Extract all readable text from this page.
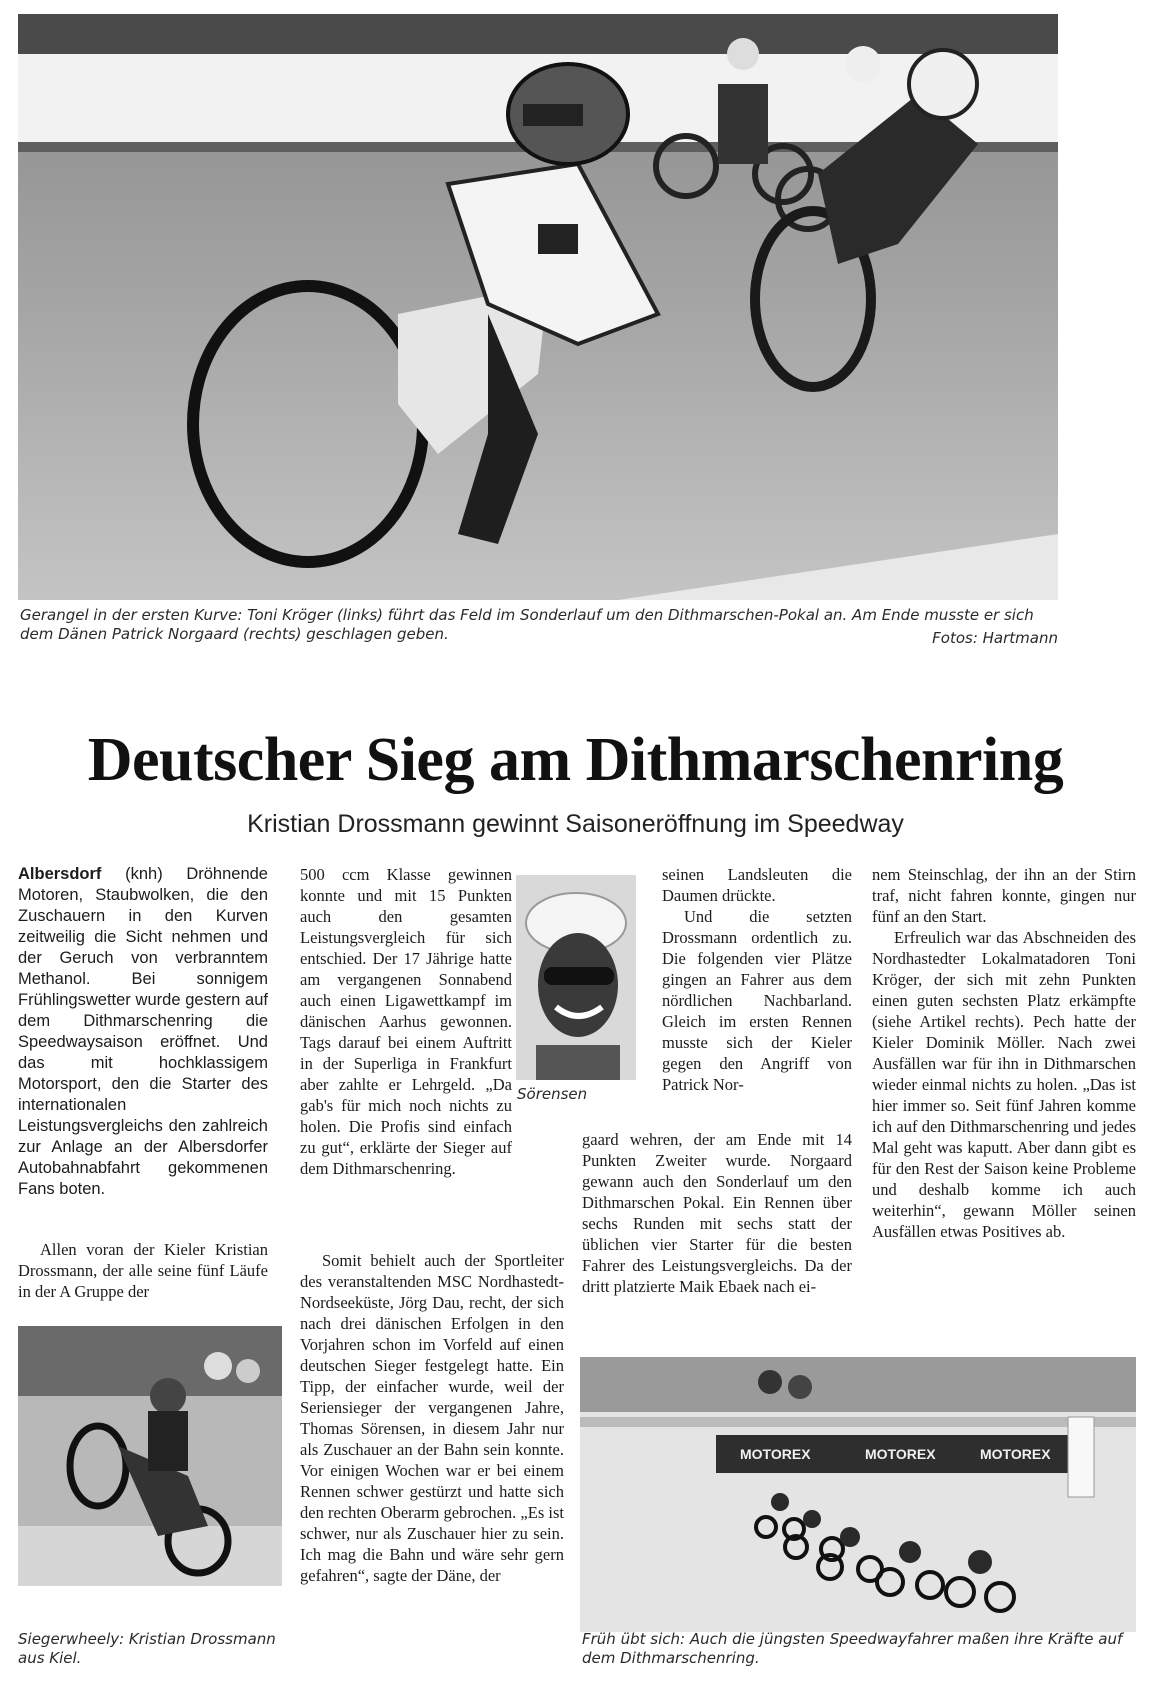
Gerangel in der ersten Kurve: Toni Kröger (links) führt das Feld im Sonderlauf um den Dithmarschen-Pokal an. Am Ende musste er sich dem Dänen Patrick Norgaard (rechts) geschlagen geben.	Fotos: Hartmann
Deutscher Sieg am Dithmarschenring
Kristian Drossmann gewinnt Saisoneröffnung im Speedway

Albersdorf (knh) Dröhnende Motoren, Staubwolken, die den Zuschauern in den Kurven zeitweilig die Sicht nehmen und der Geruch von verbranntem Methanol. Bei sonnigem Frühlingswetter wurde gestern auf dem Dithmarschenring die Speedwaysaison eröffnet. Und das mit hochklassigem Motorsport, den die Starter des internationalen Leistungsvergleichs den zahlreich zur Anlage an der Albersdorfer Autobahnabfahrt gekommenen Fans boten.

Allen voran der Kieler Kristian Drossmann, der alle seine fünf Läufe in der A Gruppe der

Siegerwheely: Kristian Drossmann aus Kiel.

500 ccm Klasse gewinnen konnte und mit 15 Punkten auch den gesamten Leistungsvergleich für sich entschied. Der 17 Jährige hatte am vergangenen Sonnabend auch einen Ligawettkampf im dänischen Aarhus gewonnen. Tags darauf bei einem Auftritt in der Superliga in Frankfurt aber zahlte er Lehrgeld. „Da gab's für mich noch nichts zu holen. Die Profis sind einfach zu gut“, erklärte der Sieger auf dem Dithmarschenring.

Somit behielt auch der Sportleiter des veranstaltenden MSC Nordhastedt-Nordseeküste, Jörg Dau, recht, der sich nach drei dänischen Erfolgen in den Vorjahren schon im Vorfeld auf einen deutschen Sieger festgelegt hatte. Ein Tipp, der einfacher wurde, weil der Seriensieger der vergangenen Jahre, Thomas Sörensen, in diesem Jahr nur als Zuschauer an der Bahn sein konnte. Vor einigen Wochen war er bei einem Rennen schwer gestürzt und hatte sich den rechten Oberarm gebrochen. „Es ist schwer, nur als Zuschauer hier zu sein. Ich mag die Bahn und wäre sehr gern gefahren“, sagte der Däne, der

Sörensen

seinen Landsleuten die Daumen drückte.

Und die setzten Drossmann ordentlich zu. Die folgenden vier Plätze gingen an Fahrer aus dem nördlichen Nachbarland. Gleich im ersten Rennen musste sich der Kieler gegen den Angriff von Patrick Nor-

gaard wehren, der am Ende mit 14 Punkten Zweiter wurde. Norgaard gewann auch den Sonderlauf um den Dithmarschen Pokal. Ein Rennen über sechs Runden mit sechs statt der üblichen vier Starter für die besten Fahrer des Leistungsvergleichs. Da der dritt platzierte Maik Ebaek nach ei-

nem Steinschlag, der ihn an der Stirn traf, nicht fahren konnte, gingen nur fünf an den Start.

Erfreulich war das Abschneiden des Nordhastedter Lokalmatadoren Toni Kröger, der sich mit zehn Punkten einen guten sechsten Platz erkämpfte (siehe Artikel rechts). Pech hatte der Kieler Dominik Möller. Nach zwei Ausfällen war für ihn in Dithmarschen wieder einmal nichts zu holen. „Das ist hier immer so. Seit fünf Jahren komme ich auf den Dithmarschenring und jedes Mal geht was kaputt. Aber dann gibt es für den Rest der Saison keine Probleme und deshalb komme ich auch weiterhin“, gewann Möller seinen Ausfällen etwas Positives ab.

MOTOREX	MOTOREX	MOTOREX
Früh übt sich: Auch die jüngsten Speedwayfahrer maßen ihre Kräfte auf dem Dithmarschenring.
